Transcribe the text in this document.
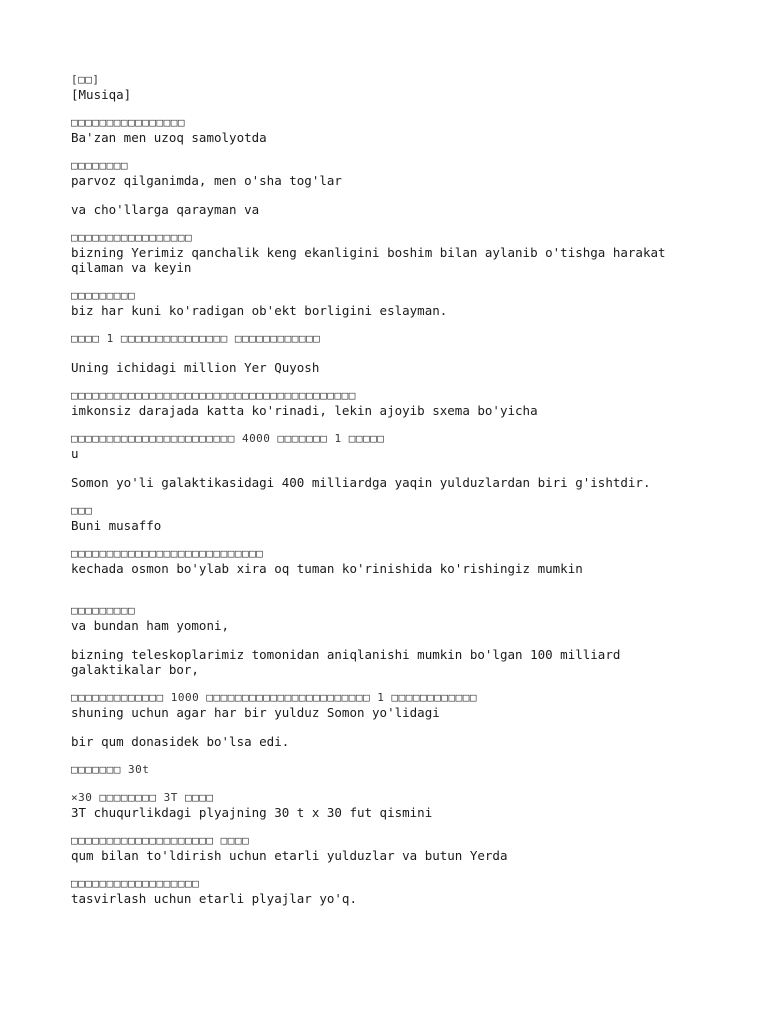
[□□]
[Musiqa]
□□□□□□□□□□□□□□□□
Ba'zan men uzoq samolyotda
□□□□□□□□
parvoz qilganimda, men o'sha tog'lar
va cho'llarga qarayman va
□□□□□□□□□□□□□□□□□
bizning Yerimiz qanchalik keng ekanligini boshim bilan aylanib o'tishga harakat qilaman va keyin
□□□□□□□□□
biz har kuni ko'radigan ob'ekt borligini eslayman.
□□□□ 1 □□□□□□□□□□□□□□□ □□□□□□□□□□□□
Uning ichidagi million Yer Quyosh
□□□□□□□□□□□□□□□□□□□□□□□□□□□□□□□□□□□□□□□□
imkonsiz darajada katta ko'rinadi, lekin ajoyib sxema bo'yicha
□□□□□□□□□□□□□□□□□□□□□□□ 4000 □□□□□□□ 1 □□□□□
u
Somon yo'li galaktikasidagi 400 milliardga yaqin yulduzlardan biri g'ishtdir.
□□□
Buni musaffo
□□□□□□□□□□□□□□□□□□□□□□□□□□□
kechada osmon bo'ylab xira oq tuman ko'rinishida ko'rishingiz mumkin
□□□□□□□□□
va bundan ham yomoni,
bizning teleskoplarimiz tomonidan aniqlanishi mumkin bo'lgan 100 milliard galaktikalar bor,
□□□□□□□□□□□□□ 1000 □□□□□□□□□□□□□□□□□□□□□□□ 1 □□□□□□□□□□□□
shuning uchun agar har bir yulduz Somon yo'lidagi
bir qum donasidek bo'lsa edi.
□□□□□□□ 30t
×30 □□□□□□□□ 3T □□□□
3T chuqurlikdagi plyajning 30 t x 30 fut qismini
□□□□□□□□□□□□□□□□□□□□ □□□□
qum bilan to'ldirish uchun etarli yulduzlar va butun Yerda
□□□□□□□□□□□□□□□□□□
tasvirlash uchun etarli plyajlar yo'q.
